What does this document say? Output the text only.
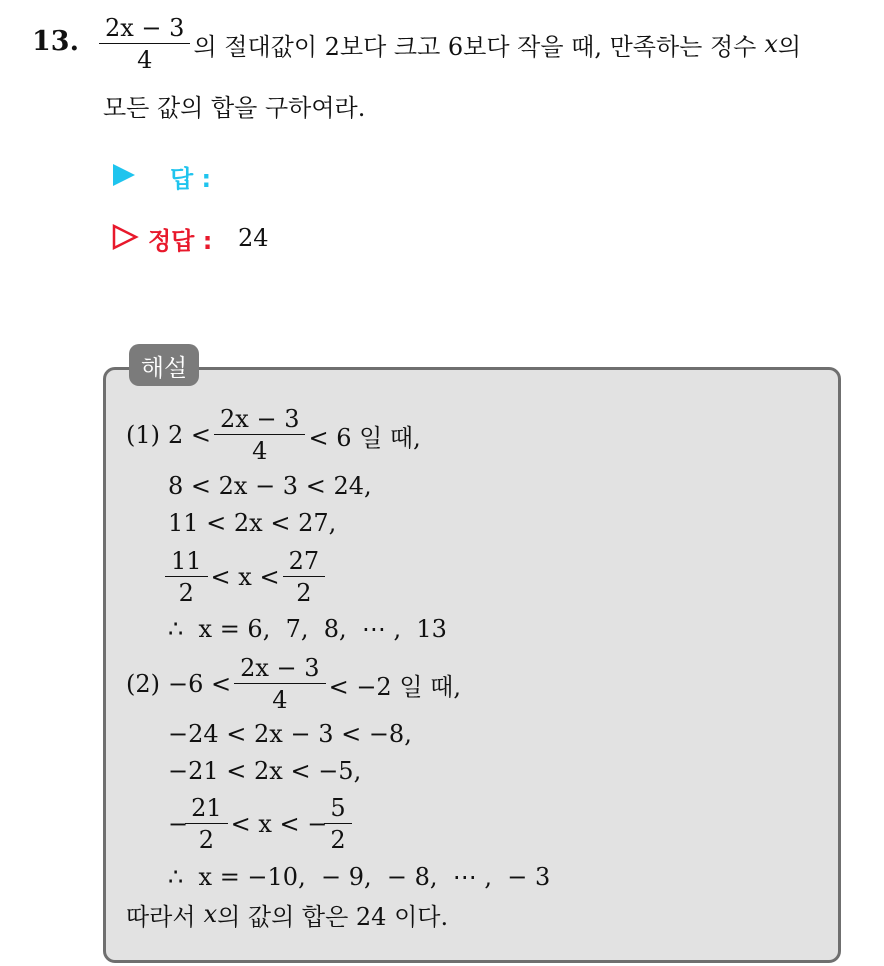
13. $\frac{2x - 3}{4}$ 의 절대값이 2보다 크고 6보다 작을 때, 만족하는 정수 x 의
모든 값의 합을 구하여라.
답 :
정답 : 24
해설
(1) $2 < \frac{2x - 3}{4} < 6$ 일 때,
8 < 2x − 3 < 24,
11 < 2x < 27,
$\frac{11}{2} < x < \frac{27}{2}$
∴  x = 6,  7,  8,  ⋯ ,  13
$(2) -6 < \frac{2x - 3}{4} < -2$ 일 때,
−24 < 2x − 3 < −8,
−21 < 2x < −5,
− $\frac{21}{2} < x$ < − $\frac{5}{2}$
∴  x = −10,  − 9,  − 8,  ⋯ ,  − 3
따라서 x 의 값의 합은 24 이다.
